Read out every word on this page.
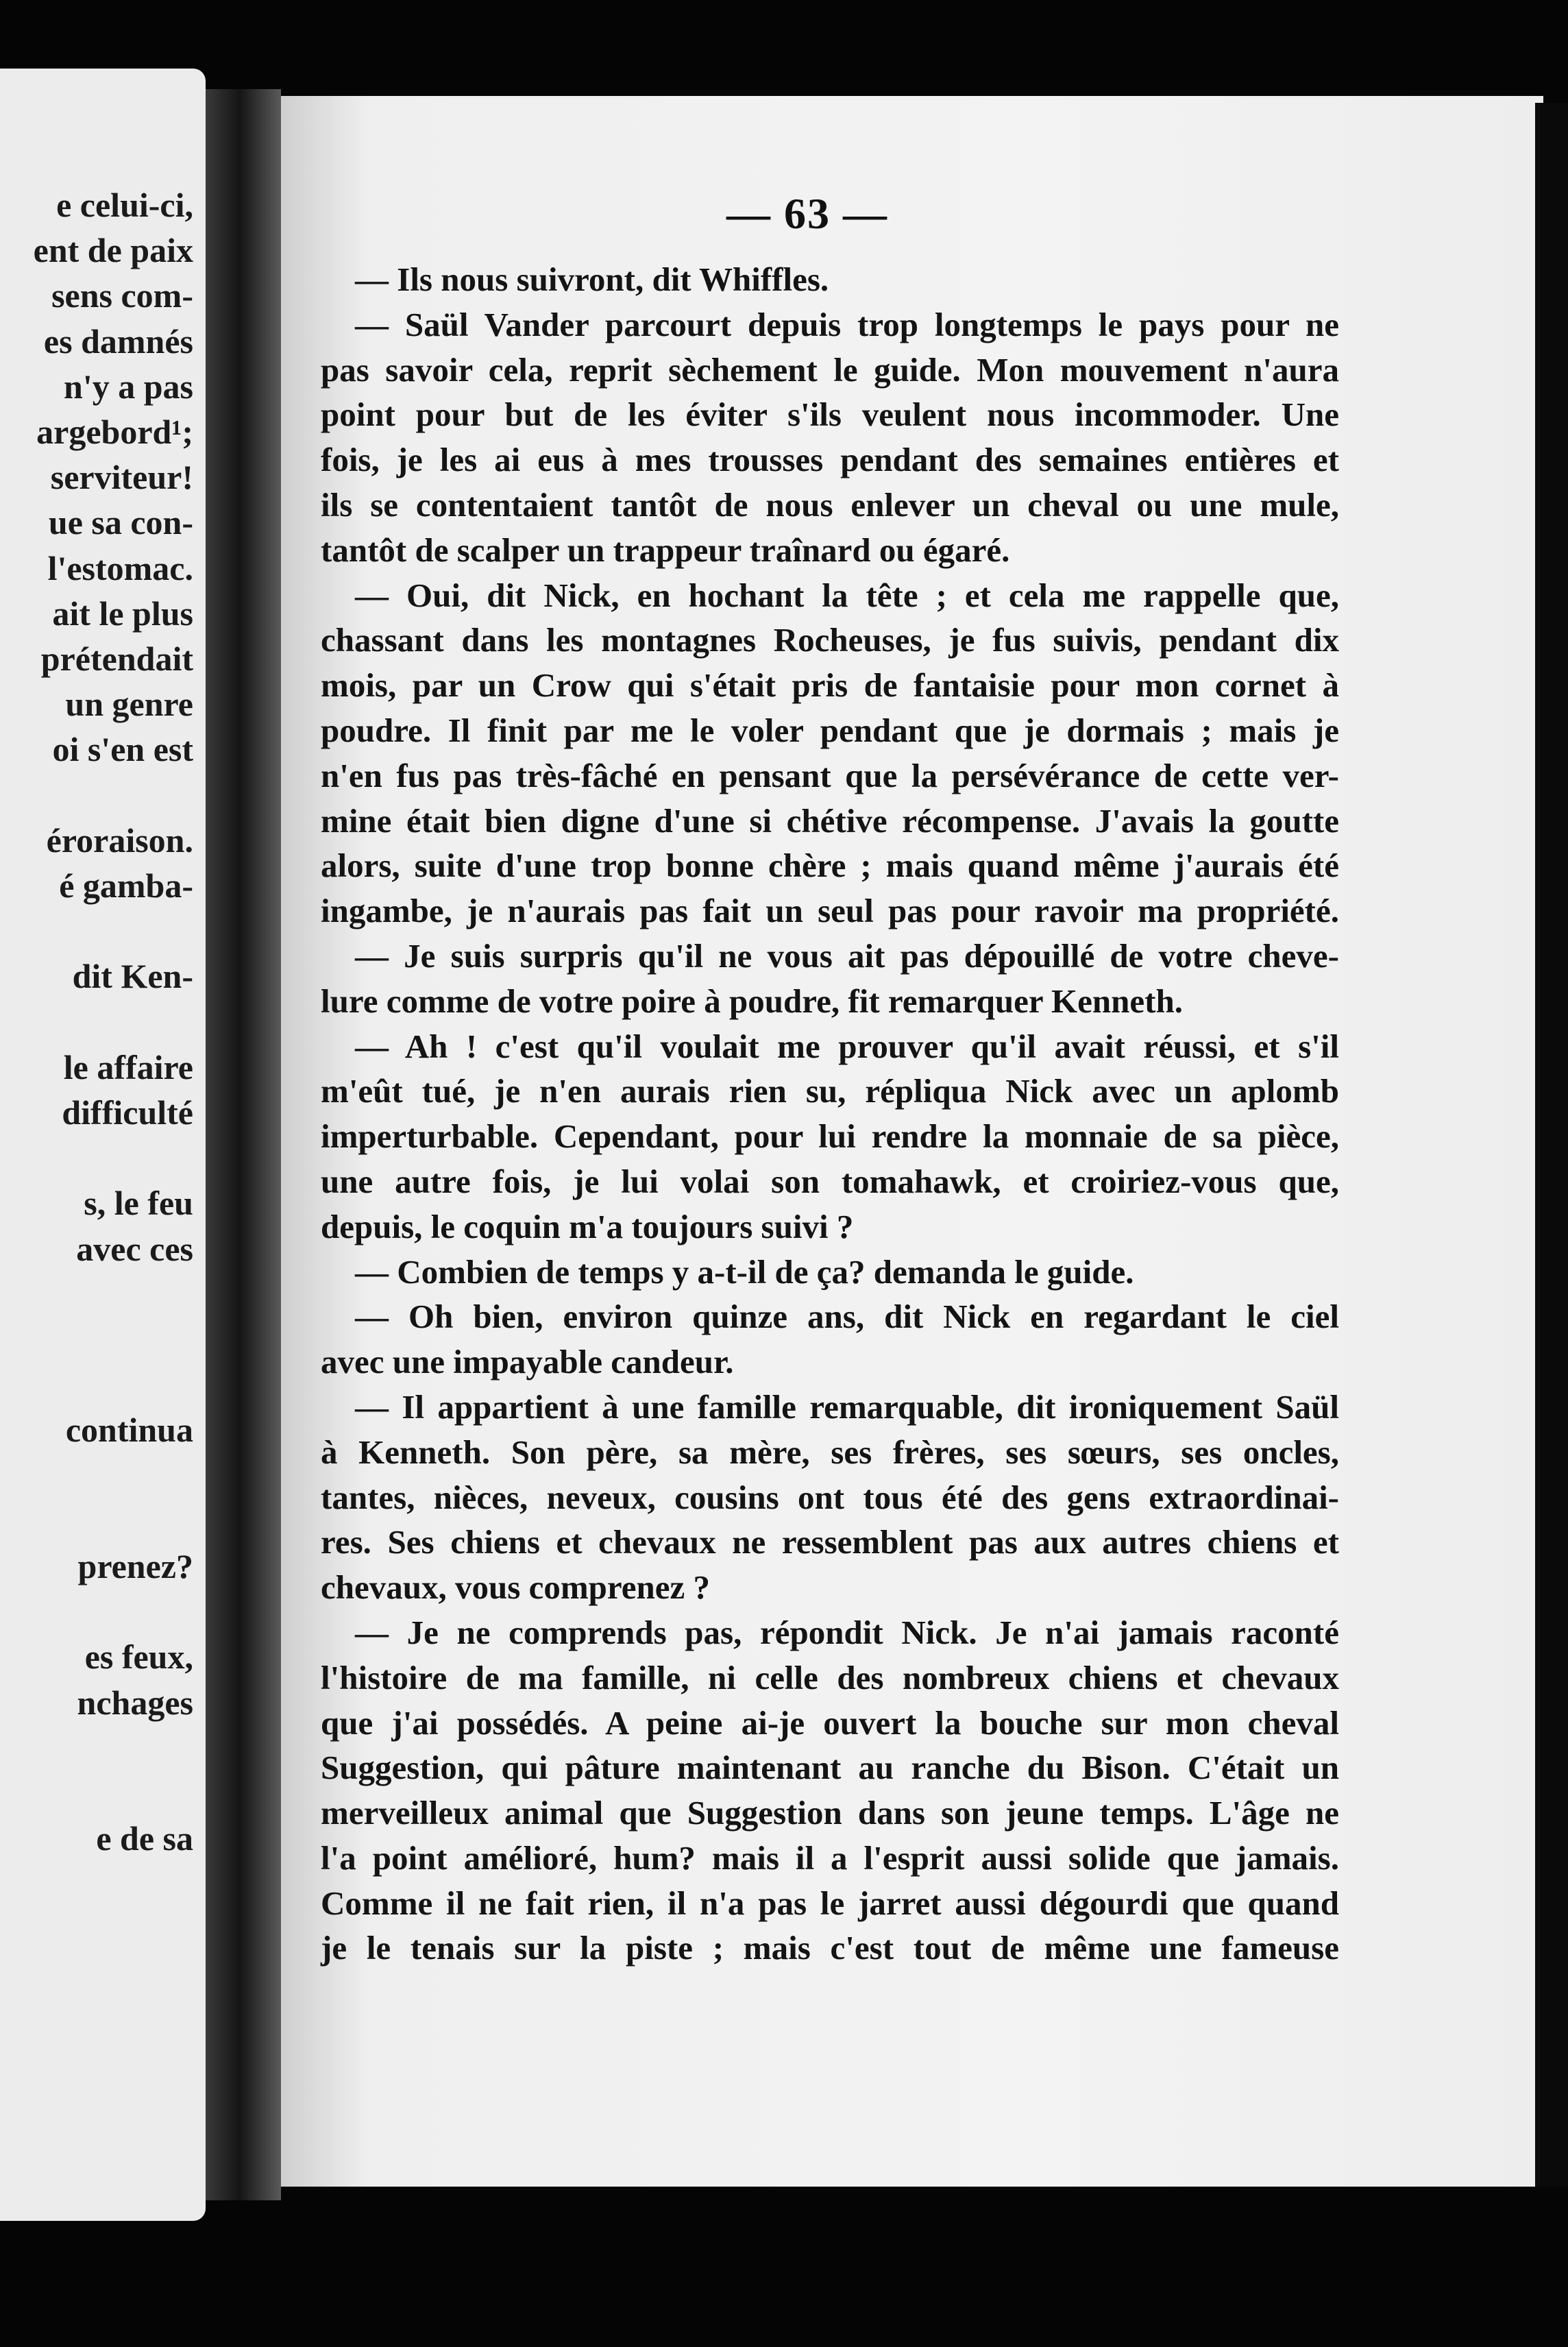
e celui-ci,
ent de paix
sens com-
es damnés
n'y a pas
argebord¹;
serviteur!
ue sa con-
l'estomac.
ait le plus
prétendait
un genre
oi s'en est
éroraison.
é gamba-
dit Ken-
le affaire
difficulté
s, le feu
avec ces
continua
prenez?
es feux,
nchages
e de sa
— 63 —
— Ils nous suivront, dit Whiffles.
— Saül Vander parcourt depuis trop longtemps le pays pour ne
pas savoir cela, reprit sèchement le guide. Mon mouvement n'aura
point pour but de les éviter s'ils veulent nous incommoder. Une
fois, je les ai eus à mes trousses pendant des semaines entières et
ils se contentaient tantôt de nous enlever un cheval ou une mule,
tantôt de scalper un trappeur traînard ou égaré.
— Oui, dit Nick, en hochant la tête ; et cela me rappelle que,
chassant dans les montagnes Rocheuses, je fus suivis, pendant dix
mois, par un Crow qui s'était pris de fantaisie pour mon cornet à
poudre. Il finit par me le voler pendant que je dormais ; mais je
n'en fus pas très-fâché en pensant que la persévérance de cette ver-
mine était bien digne d'une si chétive récompense. J'avais la goutte
alors, suite d'une trop bonne chère ; mais quand même j'aurais été
ingambe, je n'aurais pas fait un seul pas pour ravoir ma propriété.
— Je suis surpris qu'il ne vous ait pas dépouillé de votre cheve-
lure comme de votre poire à poudre, fit remarquer Kenneth.
— Ah ! c'est qu'il voulait me prouver qu'il avait réussi, et s'il
m'eût tué, je n'en aurais rien su, répliqua Nick avec un aplomb
imperturbable. Cependant, pour lui rendre la monnaie de sa pièce,
une autre fois, je lui volai son tomahawk, et croiriez-vous que,
depuis, le coquin m'a toujours suivi ?
— Combien de temps y a-t-il de ça? demanda le guide.
— Oh bien, environ quinze ans, dit Nick en regardant le ciel
avec une impayable candeur.
— Il appartient à une famille remarquable, dit ironiquement Saül
à Kenneth. Son père, sa mère, ses frères, ses sœurs, ses oncles,
tantes, nièces, neveux, cousins ont tous été des gens extraordinai-
res. Ses chiens et chevaux ne ressemblent pas aux autres chiens et
chevaux, vous comprenez ?
— Je ne comprends pas, répondit Nick. Je n'ai jamais raconté
l'histoire de ma famille, ni celle des nombreux chiens et chevaux
que j'ai possédés. A peine ai-je ouvert la bouche sur mon cheval
Suggestion, qui pâture maintenant au ranche du Bison. C'était un
merveilleux animal que Suggestion dans son jeune temps. L'âge ne
l'a point amélioré, hum? mais il a l'esprit aussi solide que jamais.
Comme il ne fait rien, il n'a pas le jarret aussi dégourdi que quand
je le tenais sur la piste ; mais c'est tout de même une fameuse
